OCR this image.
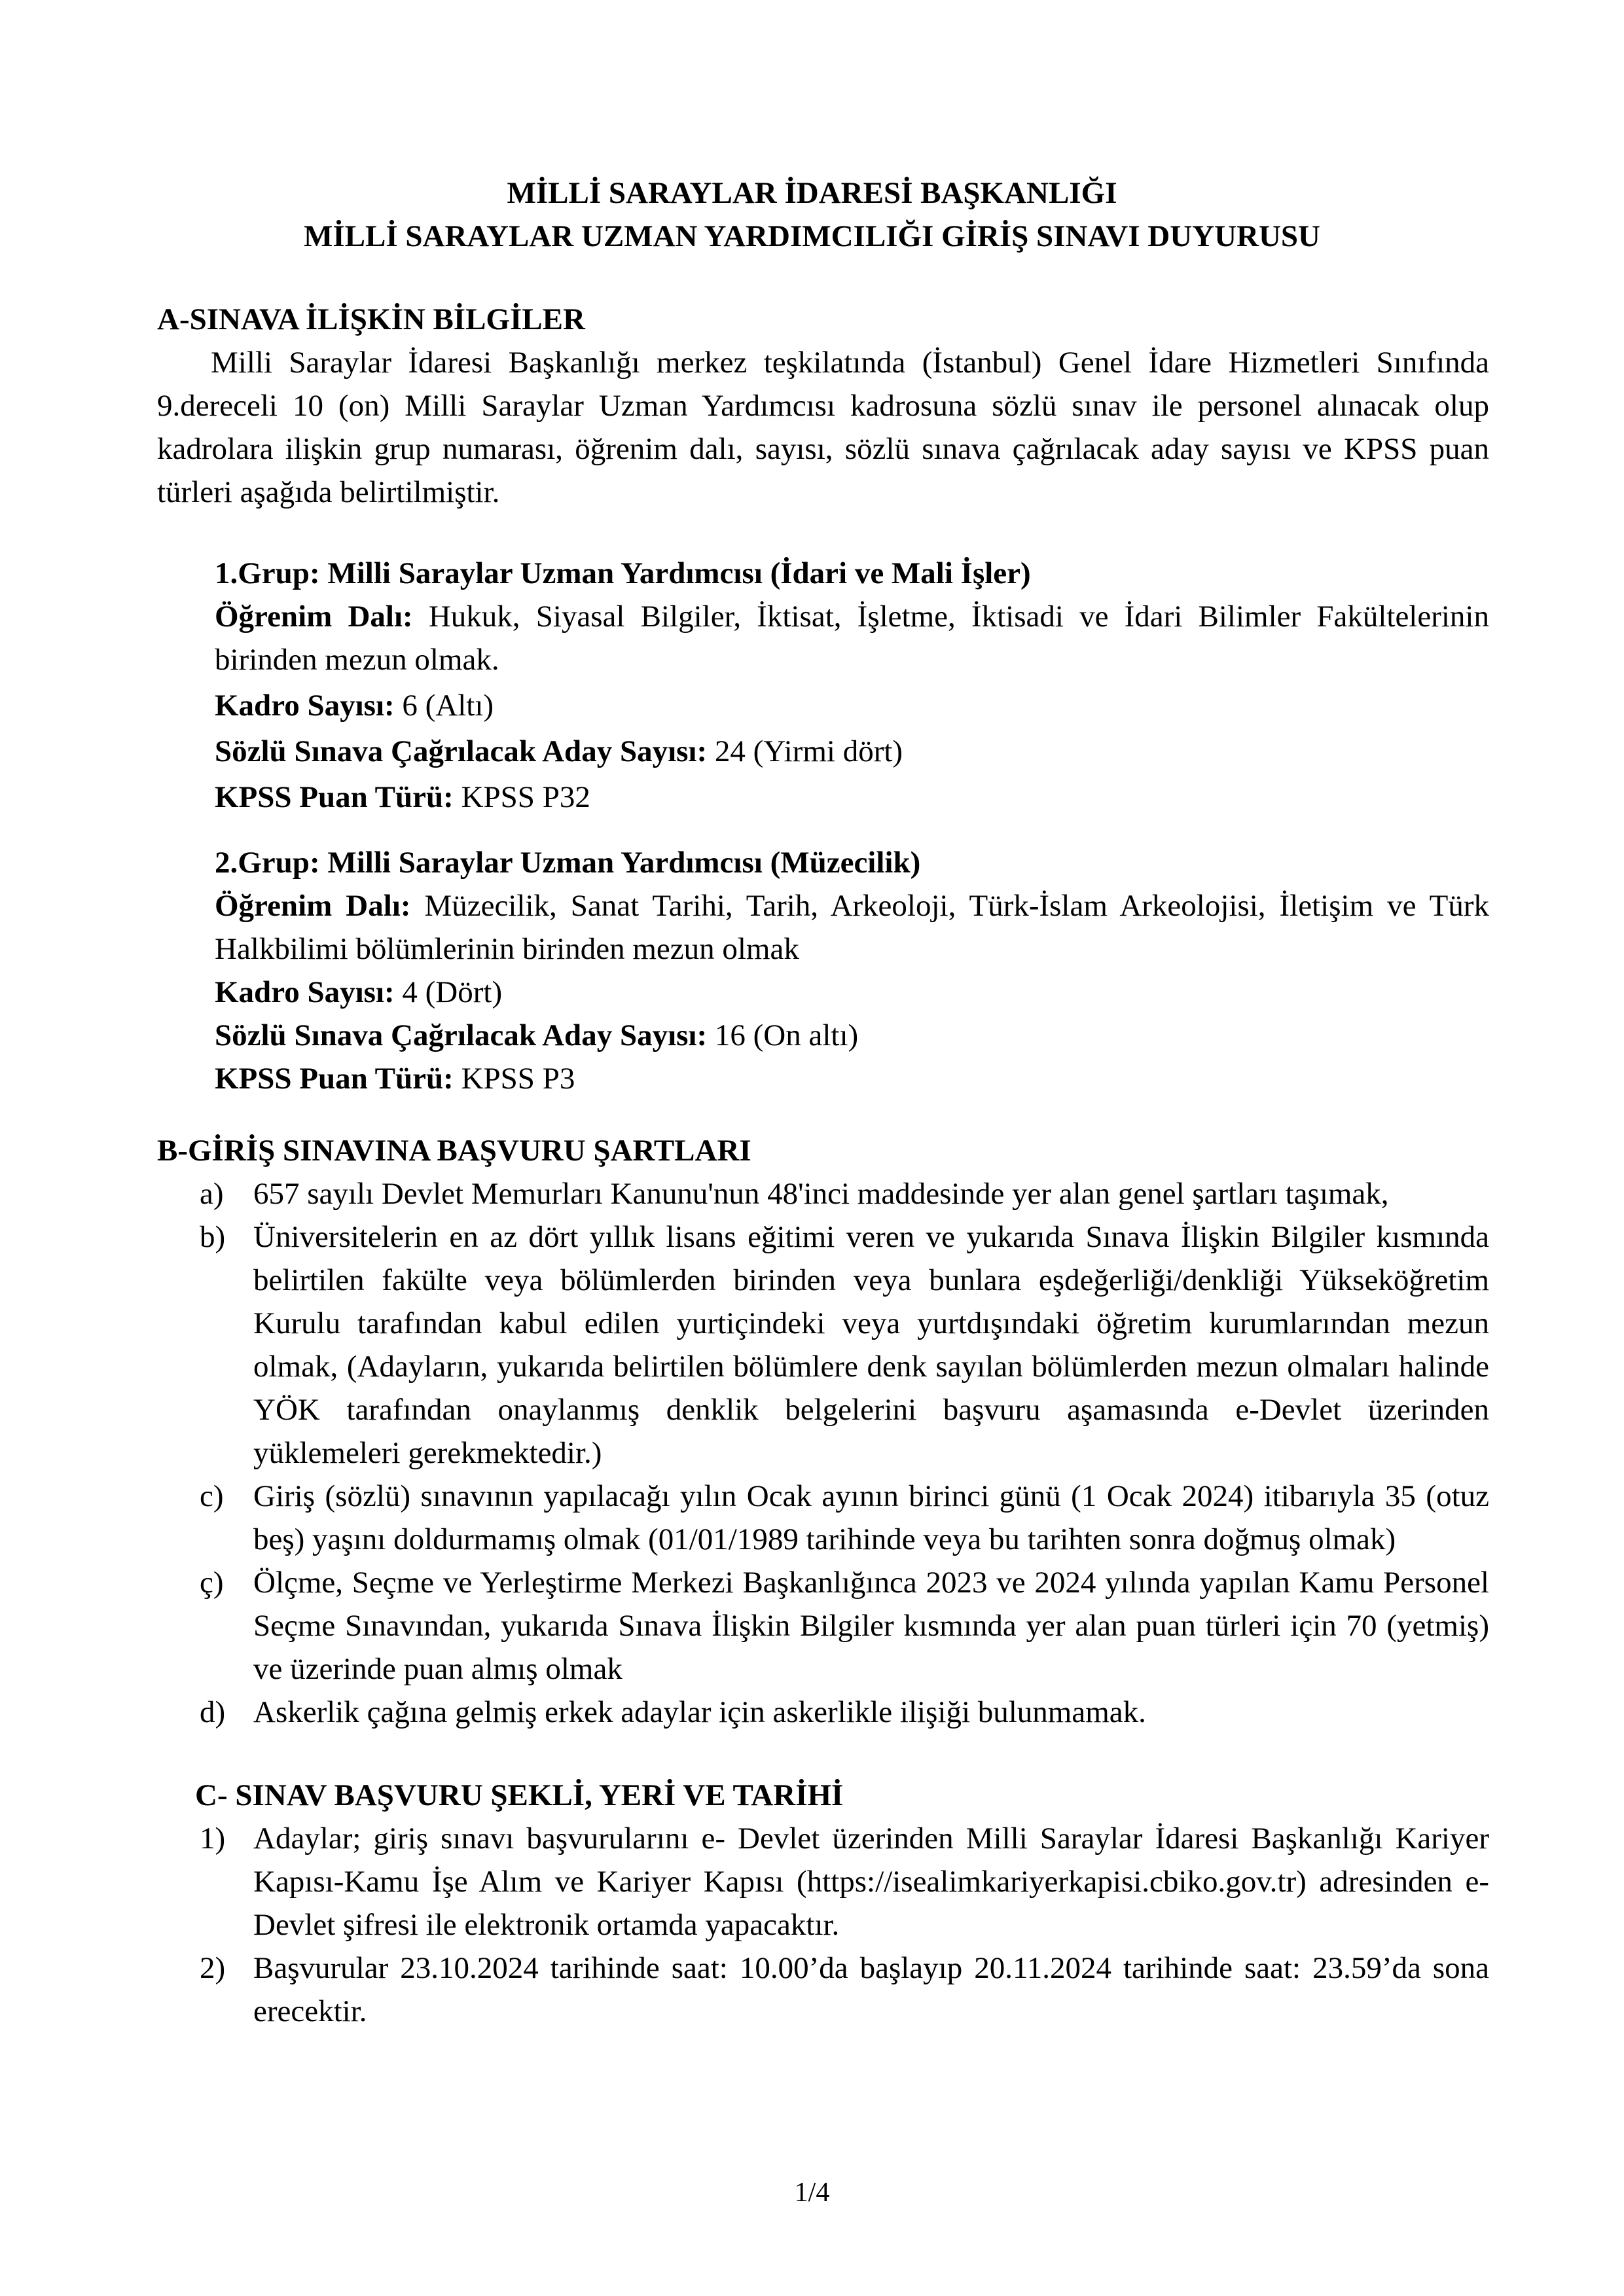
MİLLİ SARAYLAR İDARESİ BAŞKANLIĞI
MİLLİ SARAYLAR UZMAN YARDIMCILIĞI GİRİŞ SINAVI DUYURUSU
A-SINAVA İLİŞKİN BİLGİLER
Milli Saraylar İdaresi Başkanlığı merkez teşkilatında (İstanbul) Genel İdare Hizmetleri Sınıfında 9.dereceli 10 (on) Milli Saraylar Uzman Yardımcısı kadrosuna sözlü sınav ile personel alınacak olup kadrolara ilişkin grup numarası, öğrenim dalı, sayısı, sözlü sınava çağrılacak aday sayısı ve KPSS puan türleri aşağıda belirtilmiştir.
1.Grup: Milli Saraylar Uzman Yardımcısı (İdari ve Mali İşler)
Öğrenim Dalı: Hukuk, Siyasal Bilgiler, İktisat, İşletme, İktisadi ve İdari Bilimler Fakültelerinin birinden mezun olmak.
Kadro Sayısı: 6 (Altı)
Sözlü Sınava Çağrılacak Aday Sayısı: 24 (Yirmi dört)
KPSS Puan Türü: KPSS P32
2.Grup: Milli Saraylar Uzman Yardımcısı (Müzecilik)
Öğrenim Dalı: Müzecilik, Sanat Tarihi, Tarih, Arkeoloji, Türk-İslam Arkeolojisi, İletişim ve Türk Halkbilimi bölümlerinin birinden mezun olmak
Kadro Sayısı: 4 (Dört)
Sözlü Sınava Çağrılacak Aday Sayısı: 16 (On altı)
KPSS Puan Türü: KPSS P3
B-GİRİŞ SINAVINA BAŞVURU ŞARTLARI
a) 657 sayılı Devlet Memurları Kanunu'nun 48'inci maddesinde yer alan genel şartları taşımak,
b) Üniversitelerin en az dört yıllık lisans eğitimi veren ve yukarıda Sınava İlişkin Bilgiler kısmında belirtilen fakülte veya bölümlerden birinden veya bunlara eşdeğerliği/denkliği Yükseköğretim Kurulu tarafından kabul edilen yurtiçindeki veya yurtdışındaki öğretim kurumlarından mezun olmak, (Adayların, yukarıda belirtilen bölümlere denk sayılan bölümlerden mezun olmaları halinde YÖK tarafından onaylanmış denklik belgelerini başvuru aşamasında e-Devlet üzerinden yüklemeleri gerekmektedir.)
c) Giriş (sözlü) sınavının yapılacağı yılın Ocak ayının birinci günü (1 Ocak 2024) itibarıyla 35 (otuz beş) yaşını doldurmamış olmak (01/01/1989 tarihinde veya bu tarihten sonra doğmuş olmak)
ç) Ölçme, Seçme ve Yerleştirme Merkezi Başkanlığınca 2023 ve 2024 yılında yapılan Kamu Personel Seçme Sınavından, yukarıda Sınava İlişkin Bilgiler kısmında yer alan puan türleri için 70 (yetmiş) ve üzerinde puan almış olmak
d) Askerlik çağına gelmiş erkek adaylar için askerlikle ilişiği bulunmamak.
C- SINAV BAŞVURU ŞEKLİ, YERİ VE TARİHİ
1) Adaylar; giriş sınavı başvurularını e- Devlet üzerinden Milli Saraylar İdaresi Başkanlığı Kariyer Kapısı-Kamu İşe Alım ve Kariyer Kapısı (https://isealimkariyerkapisi.cbiko.gov.tr) adresinden e-Devlet şifresi ile elektronik ortamda yapacaktır.
2) Başvurular 23.10.2024 tarihinde saat: 10.00’da başlayıp 20.11.2024 tarihinde saat: 23.59’da sona erecektir.
1/4
